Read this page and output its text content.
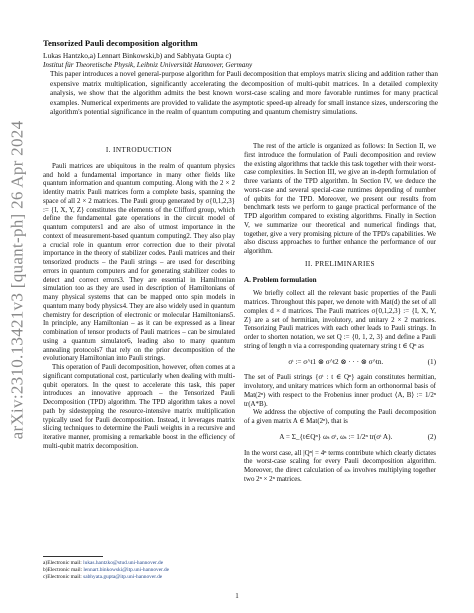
arXiv:2310.13421v3 [quant-ph] 26 Apr 2024
Tensorized Pauli decomposition algorithm
Lukas Hantzko,a) Lennart Binkowski,b) and Sabhyata Gupta c)
Institut für Theoretische Physik, Leibniz Universität Hannover, Germany

This paper introduces a novel general-purpose algorithm for Pauli decomposition that employs matrix slicing and addition rather than expensive matrix multiplication, significantly accelerating the decomposition of multi-qubit matrices. In a detailed complexity analysis, we show that the algorithm admits the best known worst-case scaling and more favorable runtimes for many practical examples. Numerical experiments are provided to validate the asymptotic speed-up already for small instance sizes, underscoring the algorithm's potential significance in the realm of quantum computing and quantum chemistry simulations.

I. INTRODUCTION

Pauli matrices are ubiquitous in the realm of quantum physics and hold a fundamental importance in many other fields like quantum information and quantum computing. Along with the 2 × 2 identity matrix Pauli matrices form a complete basis, spanning the space of all 2 × 2 matrices. The Pauli group generated by σ{0,1,2,3} := {I, X, Y, Z} constitutes the elements of the Clifford group, which define the fundamental gate operations in the circuit model of quantum computers1 and are also of utmost importance in the context of measurement-based quantum computing2. They also play a crucial role in quantum error correction due to their pivotal importance in the theory of stabilizer codes. Pauli matrices and their tensorized products – the Pauli strings – are used for describing errors in quantum computers and for generating stabilizer codes to detect and correct errors3. They are essential in Hamiltonian simulation too as they are used in description of Hamiltonians of many physical systems that can be mapped onto spin models in quantum many body physics4. They are also widely used in quantum chemistry for description of electronic or molecular Hamiltonians5. In principle, any Hamiltonian – as it can be expressed as a linear combination of tensor products of Pauli matrices – can be simulated using a quantum simulator6, leading also to many quantum annealing protocols7 that rely on the prior decomposition of the evolutionary Hamiltonian into Pauli strings.

This operation of Pauli decomposition, however, often comes at a significant computational cost, particularly when dealing with multi-qubit operators. In the quest to accelerate this task, this paper introduces an innovative approach – the Tensorized Pauli Decomposition (TPD) algorithm. The TPD algorithm takes a novel path by sidestepping the resource-intensive matrix multiplication typically used for Pauli decomposition. Instead, it leverages matrix slicing techniques to determine the Pauli weights in a recursive and iterative manner, promising a remarkable boost in the efficiency of multi-qubit matrix decomposition.

The rest of the article is organized as follows: In Section II, we first introduce the formulation of Pauli decomposition and review the existing algorithms that tackle this task together with their worst-case complexities. In Section III, we give an in-depth formulation of three variants of the TPD algorithm. In Section IV, we deduce the worst-case and several special-case runtimes depending of number of qubits for the TPD. Moreover, we present our results from benchmark tests we perform to gauge practical performance of the TPD algorithm compared to existing algorithms. Finally in Section V, we summarize our theoretical and numerical findings that, together, give a very promising picture of the TPD's capabilities. We also discuss approaches to further enhance the performance of our algorithm.

II. PRELIMINARIES
A. Problem formulation

We briefly collect all the relevant basic properties of the Pauli matrices. Throughout this paper, we denote with Mat(d) the set of all complex d × d matrices. The Pauli matrices σ{0,1,2,3} := {I, X, Y, Z} are a set of hermitian, involutory, and unitary 2 × 2 matrices. Tensorizing Pauli matrices with each other leads to Pauli strings. In order to shorten notation, we set Q := {0, 1, 2, 3} and define a Pauli string of length n via a corresponding quaternary string t ∈ Qⁿ as

σᵗ := σ^t1 ⊗ σ^t2 ⊗ · · · ⊗ σ^tn.	(1)

The set of Pauli strings {σᵗ : t ∈ Qⁿ} again constitutes hermitian, involutory, and unitary matrices which form an orthonormal basis of Mat(2ⁿ) with respect to the Frobenius inner product ⟨A, B⟩ := 1/2ⁿ tr(A*B).

We address the objective of computing the Pauli decomposition of a given matrix A ∈ Mat(2ⁿ), that is

A = Σ_{t∈Qⁿ} ωₜ σᵗ, ωₜ := 1/2ⁿ tr(σᵗ A).	(2)

In the worst case, all |Qⁿ| = 4ⁿ terms contribute which clearly dictates the worst-case scaling for every Pauli decomposition algorithm. Moreover, the direct calculation of ωₜ involves multiplying together two 2ⁿ × 2ⁿ matrices.

a)Electronic mail: lukas.hantzko@stud.uni-hannover.de
b)Electronic mail: lennart.binkowski@itp.uni-hannover.de
c)Electronic mail: sabhyata.gupta@itp.uni-hannover.de
1
